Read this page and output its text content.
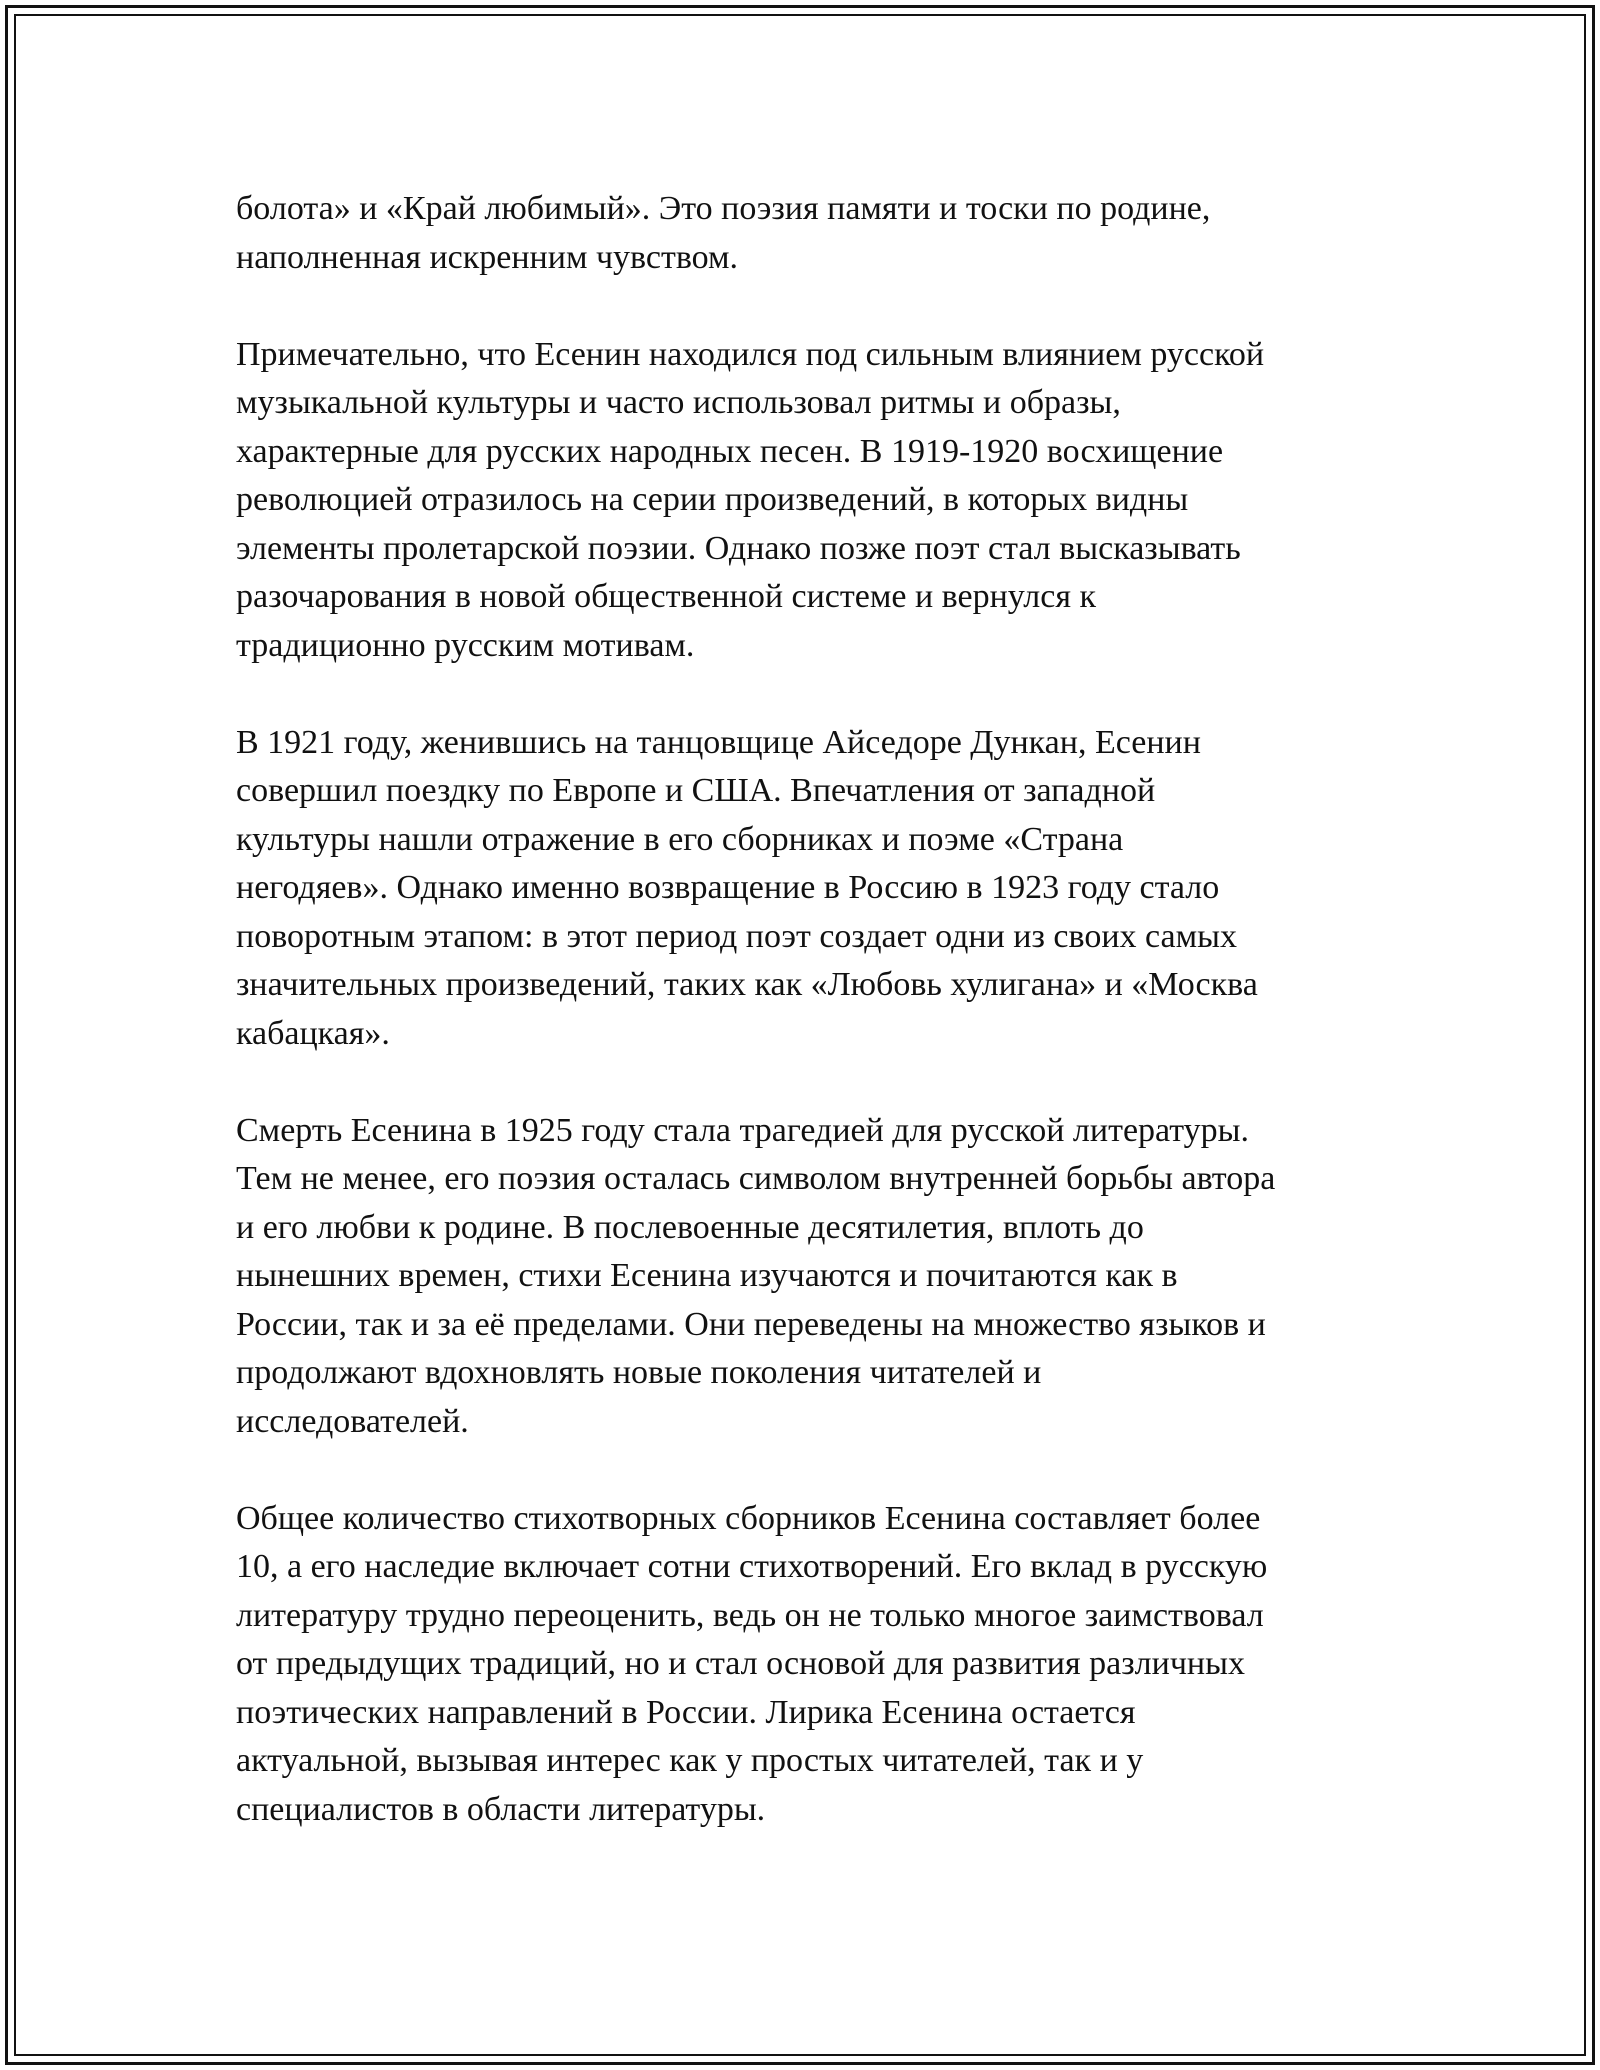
болота» и «Край любимый». Это поэзия памяти и тоски по родине,
наполненная искренним чувством.
Примечательно, что Есенин находился под сильным влиянием русской
музыкальной культуры и часто использовал ритмы и образы,
характерные для русских народных песен. В 1919-1920 восхищение
революцией отразилось на серии произведений, в которых видны
элементы пролетарской поэзии. Однако позже поэт стал высказывать
разочарования в новой общественной системе и вернулся к
традиционно русским мотивам.
В 1921 году, женившись на танцовщице Айседоре Дункан, Есенин
совершил поездку по Европе и США. Впечатления от западной
культуры нашли отражение в его сборниках и поэме «Страна
негодяев». Однако именно возвращение в Россию в 1923 году стало
поворотным этапом: в этот период поэт создает одни из своих самых
значительных произведений, таких как «Любовь хулигана» и «Москва
кабацкая».
Смерть Есенина в 1925 году стала трагедией для русской литературы.
Тем не менее, его поэзия осталась символом внутренней борьбы автора
и его любви к родине. В послевоенные десятилетия, вплоть до
нынешних времен, стихи Есенина изучаются и почитаются как в
России, так и за её пределами. Они переведены на множество языков и
продолжают вдохновлять новые поколения читателей и
исследователей.
Общее количество стихотворных сборников Есенина составляет более
10, а его наследие включает сотни стихотворений. Его вклад в русскую
литературу трудно переоценить, ведь он не только многое заимствовал
от предыдущих традиций, но и стал основой для развития различных
поэтических направлений в России. Лирика Есенина остается
актуальной, вызывая интерес как у простых читателей, так и у
специалистов в области литературы.
